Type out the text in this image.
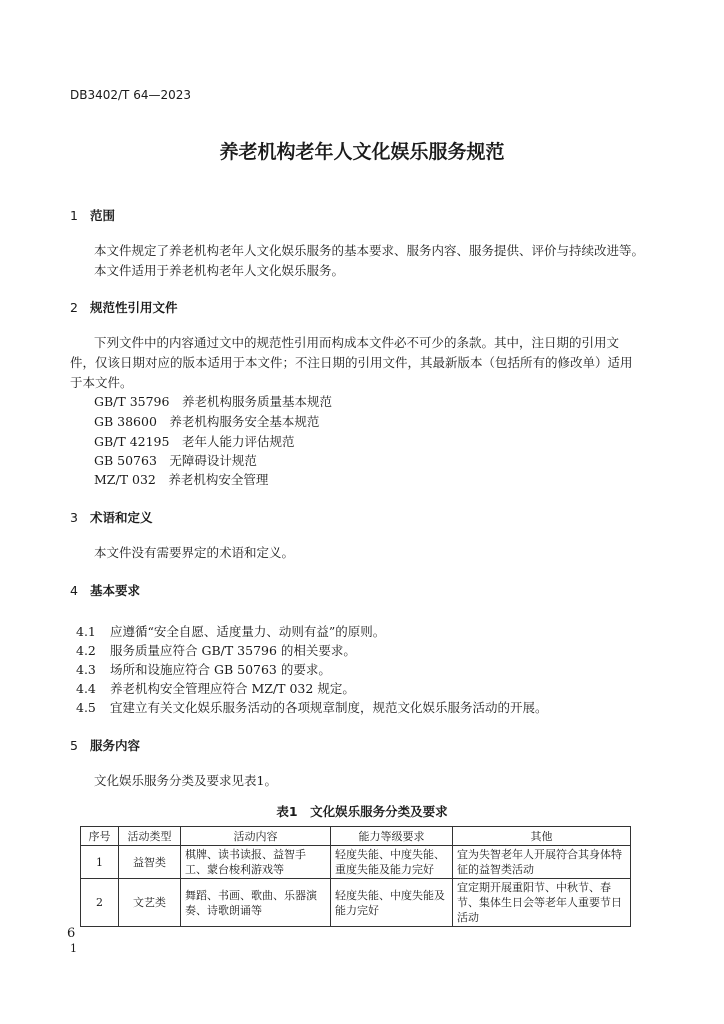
DB3402/T 64—2023
养老机构老年人文化娱乐服务规范
1 范围
本文件规定了养老机构老年人文化娱乐服务的基本要求、服务内容、服务提供、评价与持续改进等。
本文件适用于养老机构老年人文化娱乐服务。
2 规范性引用文件
下列文件中的内容通过文中的规范性引用而构成本文件必不可少的条款。其中，注日期的引用文件，仅该日期对应的版本适用于本文件；不注日期的引用文件，其最新版本（包括所有的修改单）适用于本文件。
GB/T 35796　养老机构服务质量基本规范
GB 38600　养老机构服务安全基本规范
GB/T 42195　老年人能力评估规范
GB 50763　无障碍设计规范
MZ/T 032　养老机构安全管理
3 术语和定义
本文件没有需要界定的术语和定义。
4 基本要求
4.1 应遵循“安全自愿、适度量力、动则有益”的原则。
4.2 服务质量应符合 GB/T 35796 的相关要求。
4.3 场所和设施应符合 GB 50763 的要求。
4.4 养老机构安全管理应符合 MZ/T 032 规定。
4.5 宜建立有关文化娱乐服务活动的各项规章制度，规范文化娱乐服务活动的开展。
5 服务内容
文化娱乐服务分类及要求见表1。
表1　文化娱乐服务分类及要求
序号	活动类型	活动内容	能力等级要求	其他
1	益智类	棋牌、读书读报、益智手工、蒙台梭利游戏等	轻度失能、中度失能、重度失能及能力完好	宜为失智老年人开展符合其身体特征的益智类活动
2	文艺类	舞蹈、书画、歌曲、乐器演奏、诗歌朗诵等	轻度失能、中度失能及能力完好	宜定期开展重阳节、中秋节、春节、集体生日会等老年人重要节日活动
6
1
